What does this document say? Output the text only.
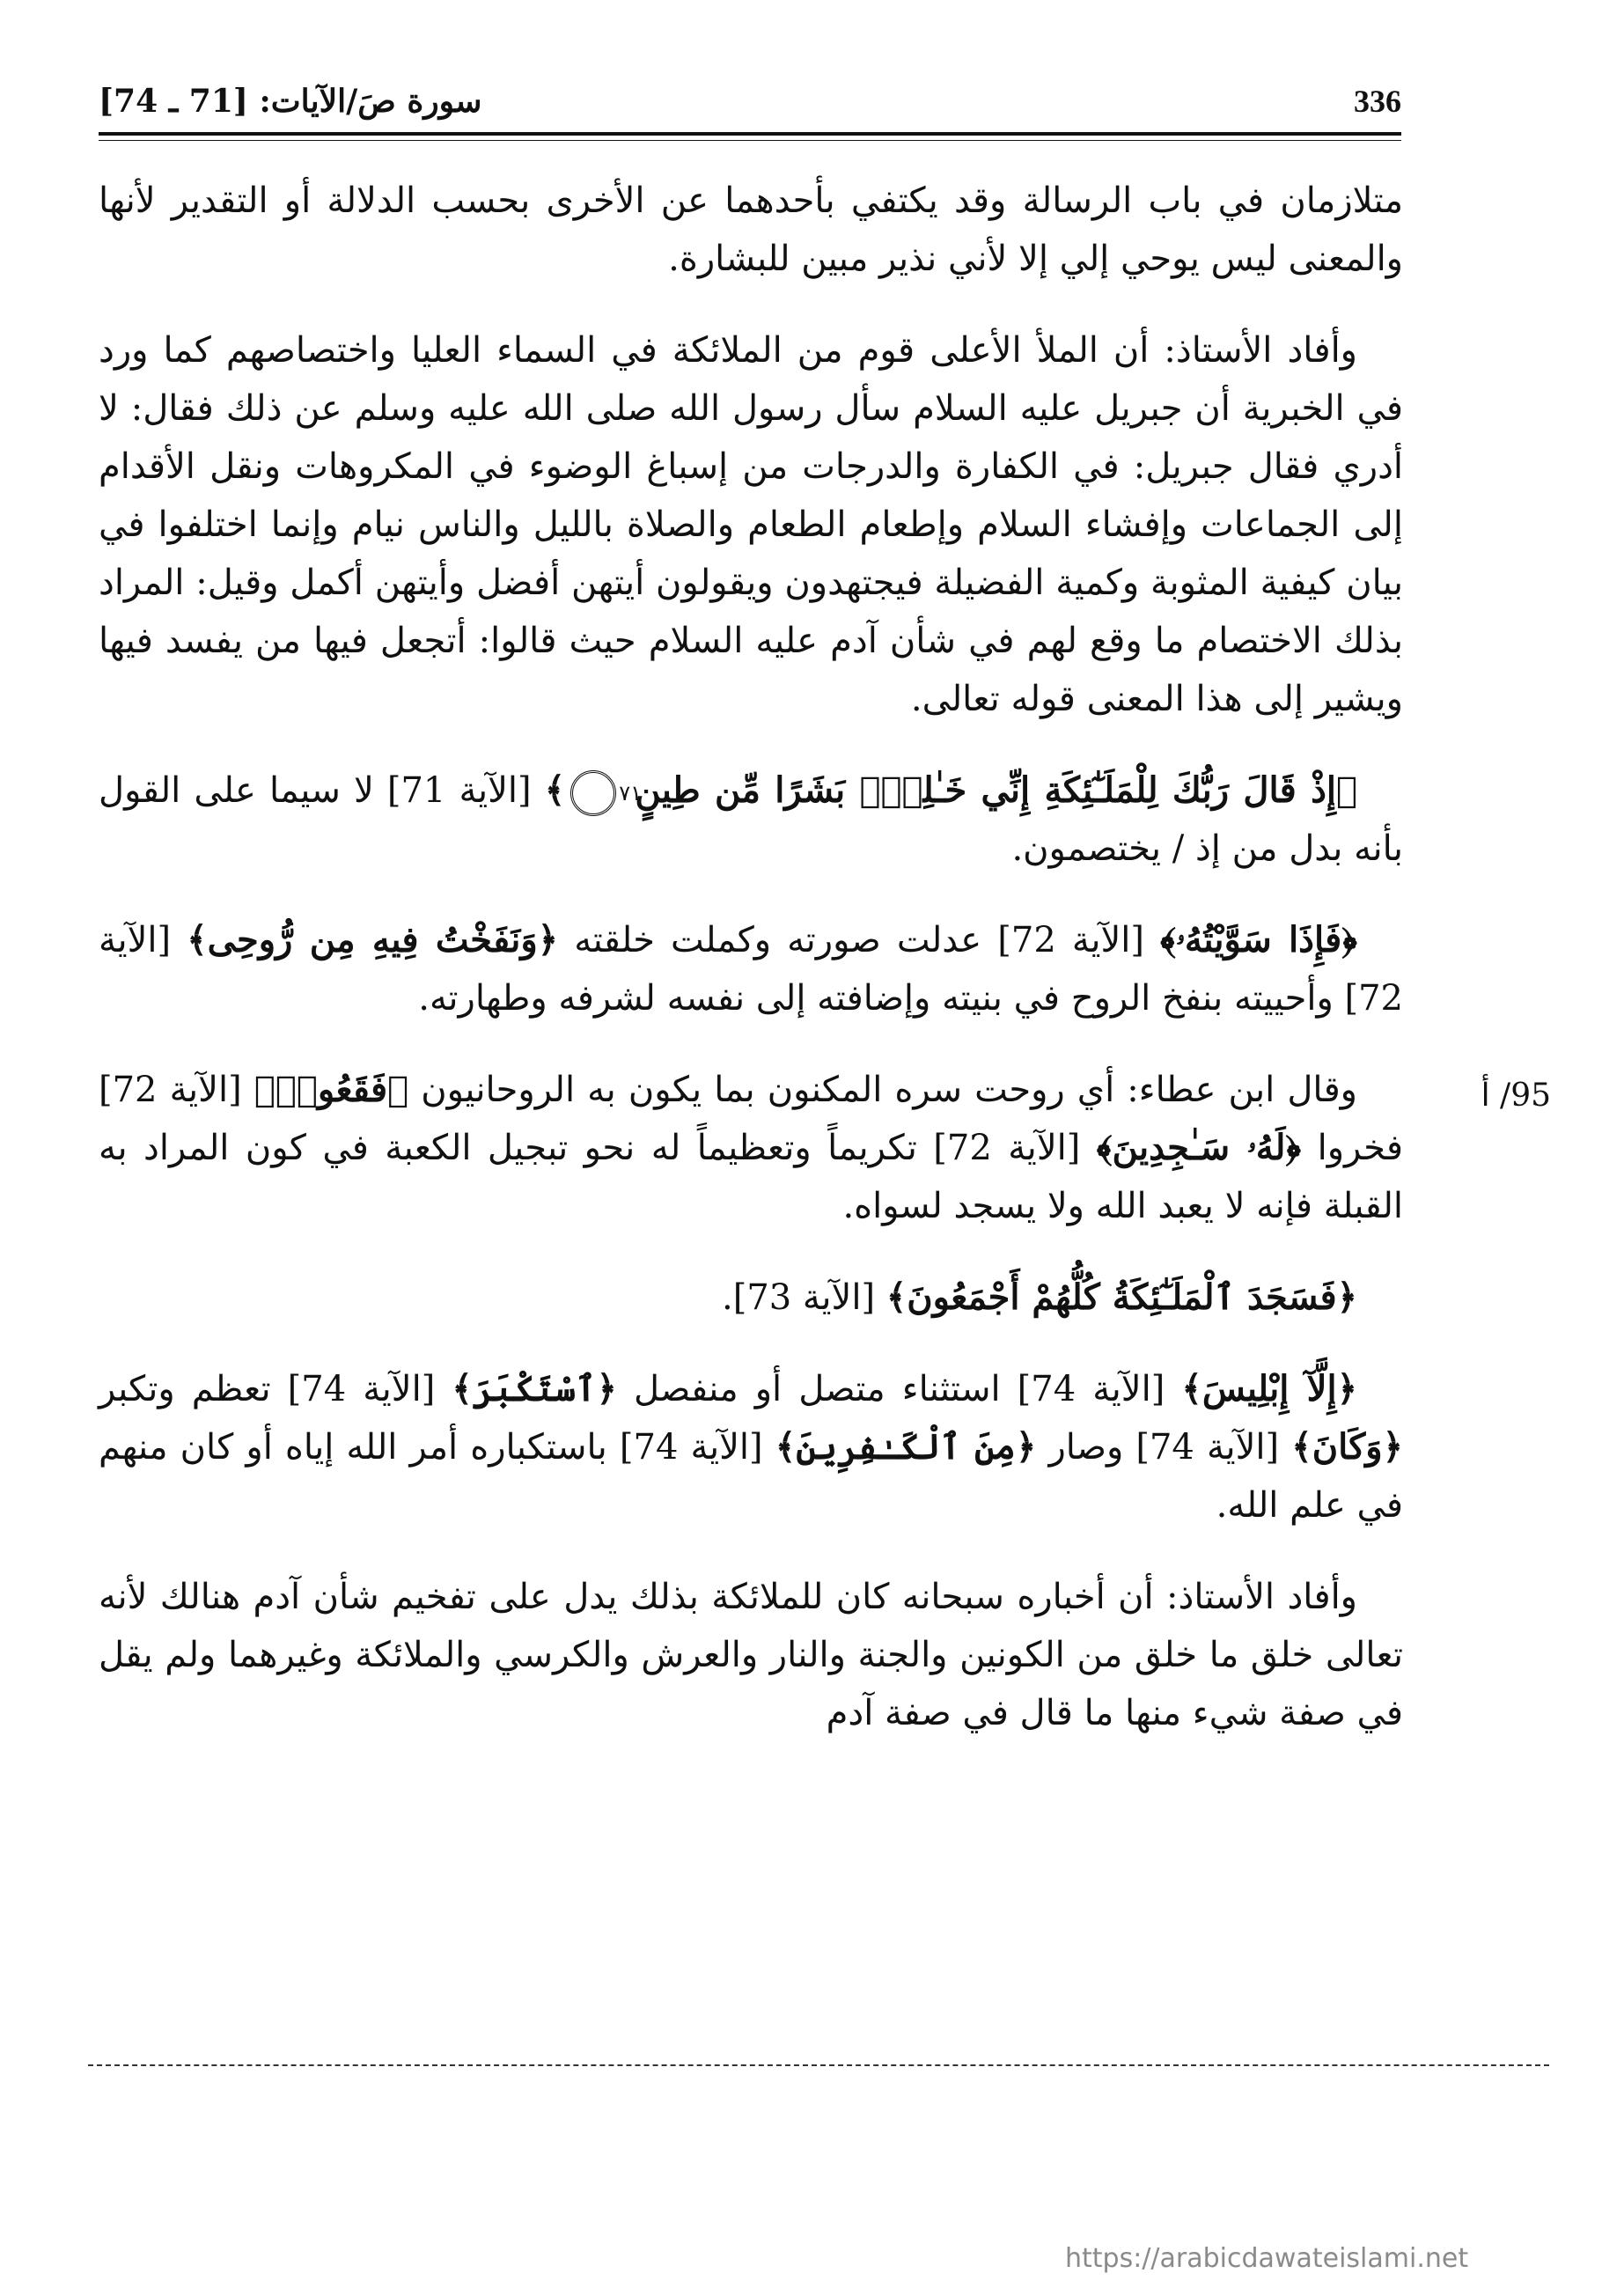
336
سورة صَ/الآيات: [71 ـ 74]
95/ أ

متلازمان في باب الرسالة وقد يكتفي بأحدهما عن الأخرى بحسب الدلالة أو التقدير لأنها والمعنى ليس يوحي إلي إلا لأني نذير مبين للبشارة.

وأفاد الأستاذ: أن الملأ الأعلى قوم من الملائكة في السماء العليا واختصاصهم كما ورد في الخبرية أن جبريل عليه السلام سأل رسول الله صلى الله عليه وسلم عن ذلك فقال: لا أدري فقال جبريل: في الكفارة والدرجات من إسباغ الوضوء في المكروهات ونقل الأقدام إلى الجماعات وإفشاء السلام وإطعام الطعام والصلاة بالليل والناس نيام وإنما اختلفوا في بيان كيفية المثوبة وكمية الفضيلة فيجتهدون ويقولون أيتهن أفضل وأيتهن أكمل وقيل: المراد بذلك الاختصام ما وقع لهم في شأن آدم عليه السلام حيث قالوا: أتجعل فيها من يفسد فيها ويشير إلى هذا المعنى قوله تعالى.

﴿إِذْ قَالَ رَبُّكَ لِلْمَلَـٰٓئِكَةِ إِنِّي خَـٰلِقُۢ بَشَرًا مِّن طِينٍ ٧١﴾ [الآية 71] لا سيما على القول بأنه بدل من إذ / يختصمون.

﴿فَإِذَا سَوَّيْتُهُۥ﴾ [الآية 72] عدلت صورته وكملت خلقته ﴿وَنَفَخْتُ فِيهِ مِن رُّوحِى﴾ [الآية 72] وأحييته بنفخ الروح في بنيته وإضافته إلى نفسه لشرفه وطهارته.

وقال ابن عطاء: أي روحت سره المكنون بما يكون به الروحانيون ﴿فَقَعُوا۟﴾ [الآية 72] فخروا ﴿لَهُۥ سَـٰجِدِينَ﴾ [الآية 72] تكريماً وتعظيماً له نحو تبجيل الكعبة في كون المراد به القبلة فإنه لا يعبد الله ولا يسجد لسواه.

﴿فَسَجَدَ ٱلْمَلَـٰٓئِكَةُ كُلُّهُمْ أَجْمَعُونَ﴾ [الآية 73].

﴿إِلَّآ إِبْلِيسَ﴾ [الآية 74] استثناء متصل أو منفصل ﴿ٱسْتَكْبَرَ﴾ [الآية 74] تعظم وتكبر ﴿وَكَانَ﴾ [الآية 74] وصار ﴿مِنَ ٱلْكَـٰفِرِينَ﴾ [الآية 74] باستكباره أمر الله إياه أو كان منهم في علم الله.

وأفاد الأستاذ: أن أخباره سبحانه كان للملائكة بذلك يدل على تفخيم شأن آدم هنالك لأنه تعالى خلق ما خلق من الكونين والجنة والنار والعرش والكرسي والملائكة وغيرهما ولم يقل في صفة شيء منها ما قال في صفة آدم

https://arabicdawateislami.net
